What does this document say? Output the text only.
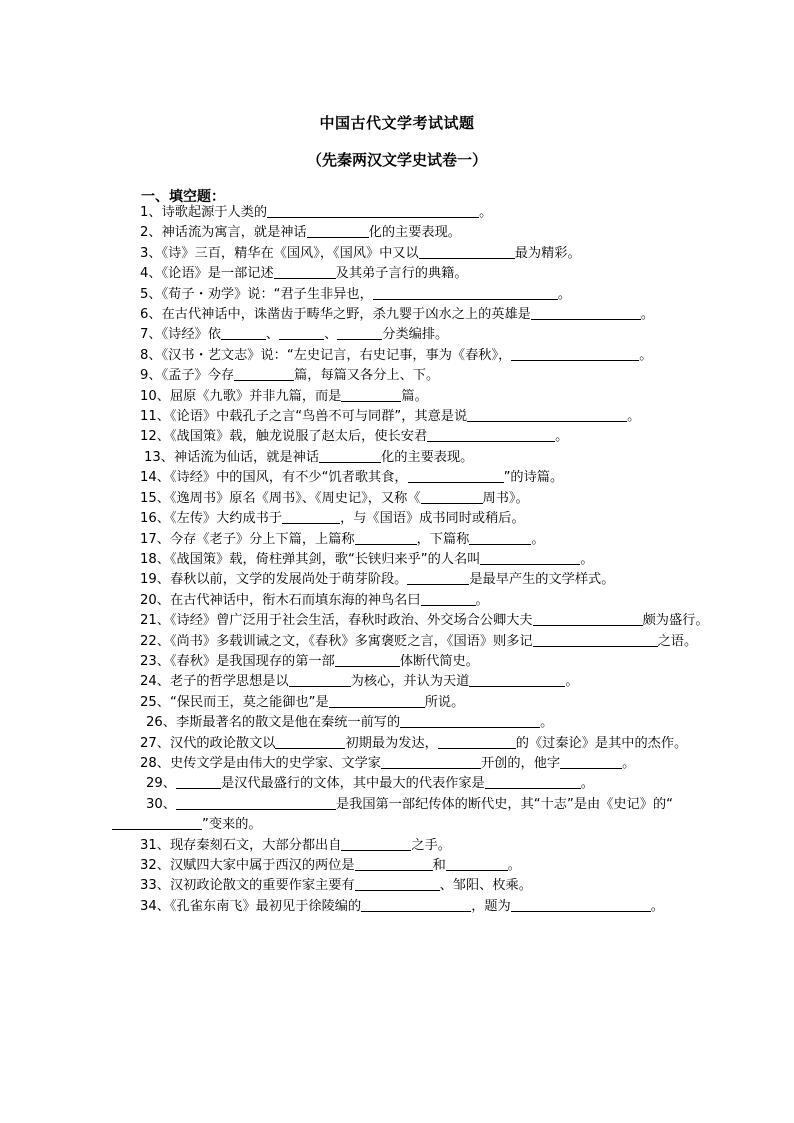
中国古代文学考试试题
（先秦两汉文学史试卷一）
一、填空题：
1、诗歌起源于人类的	。
2、神话流为寓言，就是神话	化的主要表现。
3、《诗》三百，精华在《国风》，《国风》中又以	最为精彩。
4、《论语》是一部记述	及其弟子言行的典籍。
5、《荀子・劝学》说：“君子生非异也，	。
6、在古代神话中，诛凿齿于畴华之野，杀九婴于凶水之上的英雄是	。
7、《诗经》依	、	、	分类编排。
8、《汉书・艺文志》说：“左史记言，右史记事，事为《春秋》，	。
9、《孟子》今存	篇，每篇又各分上、下。
10、屈原《九歌》并非九篇，而是	篇。
11、《论语》中载孔子之言“鸟兽不可与同群”，其意是说	。
12、《战国策》载，触龙说服了赵太后，使长安君	。
13、神话流为仙话，就是神话	化的主要表现。
14、《诗经》中的国风，有不少“饥者歌其食，	”的诗篇。
15、《逸周书》原名《周书》、《周史记》，又称《	周书》。
16、《左传》大约成书于	，与《国语》成书同时或稍后。
17、今存《老子》分上下篇，上篇称	，下篇称	。
18、《战国策》载，倚柱弹其剑，歌“长铗归来乎”的人名叫	。
19、春秋以前，文学的发展尚处于萌芽阶段。	是最早产生的文学样式。
20、在古代神话中，衔木石而填东海的神鸟名曰	。
21、《诗经》曾广泛用于社会生活，春秋时政治、外交场合公卿大夫	颇为盛行。
22、《尚书》多载训诫之文，《春秋》多寓褒贬之言，《国语》则多记	之语。
23、《春秋》是我国现存的第一部	体断代简史。
24、老子的哲学思想是以	为核心，并认为天道	。
25、“保民而王，莫之能御也”是	所说。
26、李斯最著名的散文是他在秦统一前写的	。
27、汉代的政论散文以	初期最为发达，	的《过秦论》是其中的杰作。
28、史传文学是由伟大的史学家、文学家	开创的，他字	。
29、	是汉代最盛行的文体，其中最大的代表作家是	。
30、	是我国第一部纪传体的断代史，其“十志”是由《史记》的“”变来的。
31、现存秦刻石文，大部分都出自	之手。
32、汉赋四大家中属于西汉的两位是	和	。
33、汉初政论散文的重要作家主要有	、邹阳、枚乘。
34、《孔雀东南飞》最初见于徐陵编的	，题为	。
